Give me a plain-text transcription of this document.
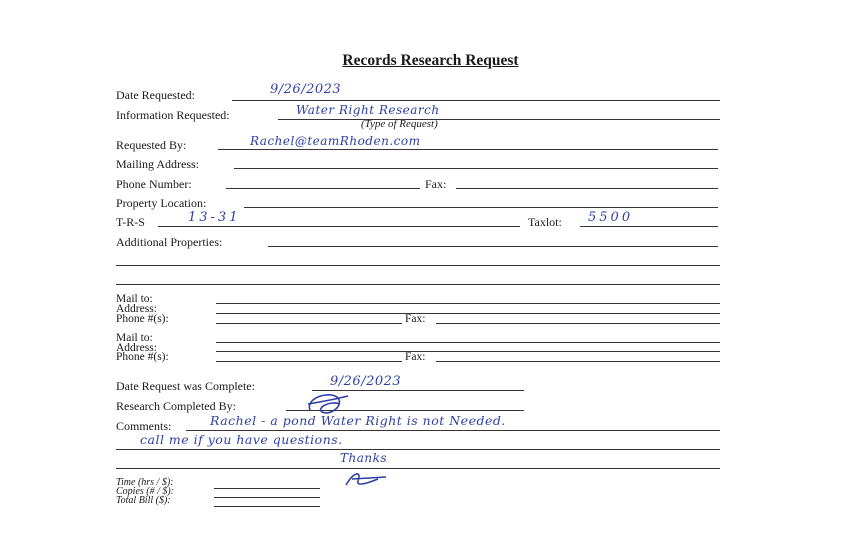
Records Research Request
Date Requested:	9/26/2023
Information Requested:	Water Right Research
(Type of Request)
Requested By:	Rachel@teamRhoden.com
Mailing Address:
Phone Number:	Fax:
Property Location:
T-R-S	13-31	Taxlot: 5500
Additional Properties:
Mail to:
Address:
Phone #(s):	Fax:
Mail to:
Address:
Phone #(s):	Fax:
Date Request was Complete:	9/26/2023
Research Completed By:
Comments:	Rachel - a pond Water Right is not Needed.
call me if you have questions.
Thanks
Time (hrs / $):
Copies (# / $):
Total Bill ($):
